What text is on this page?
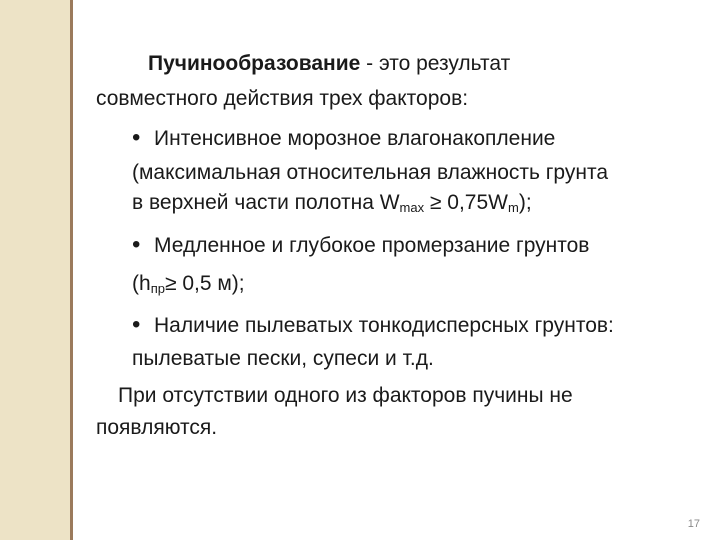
Пучинообразование - это результат
совместного действия трех факторов:
• Интенсивное морозное влагонакопление
(максимальная относительная влажность грунта
в верхней части полотна $W_{max} \ge 0,75W_m$);
• Медленное и глубокое промерзание грунтов
($h_{пр}\ge 0,5$ м);
• Наличие пылеватых тонкодисперсных грунтов:
пылеватые пески, супеси и т.д.
При отсутствии одного из факторов пучины не
появляются.
17
